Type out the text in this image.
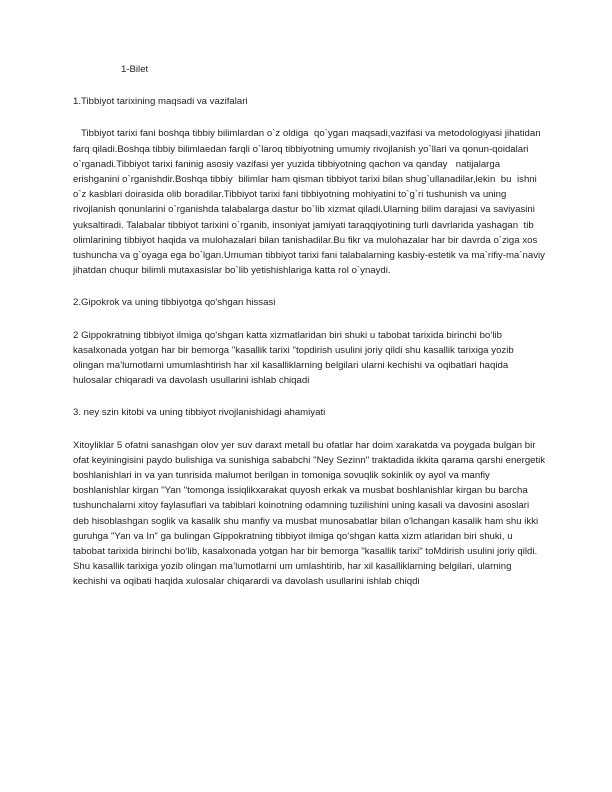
1-Bilet

1.Tibbiyot tarixining maqsadi va vazifalari

Tibbiyot tarixi fani boshqa tibbiy bilimlardan o`z oldiga  qo`ygan maqsadi,vazifasi va metodologiyasi jihatidan farq qiladi.Boshqa tibbiy bilimlaedan farqli o`laroq tibbiyotning umumiy rivojlanish yo`llari va qonun-qoidalari o`rganadi.Tibbiyot tarixi faninig asosiy vazifasi yer yuzida tibbiyotning qachon va qanday   natijalarga erishganini o`rganishdir.Boshqa tibbiy  bilimlar ham qisman tibbiyot tarixi bilan shug`ullanadilar,lekin  bu  ishni o`z kasblari doirasida olib boradilar.Tibbiyot tarixi fani tibbiyotning mohiyatini to`g`ri tushunish va uning rivojlanish qonunlarini o`rganishda talabalarga dastur bo`lib xizmat qiladi.Ularning bilim darajasi va saviyasini yuksaltiradi. Talabalar tibbiyot tarixini o`rganib, insoniyat jamiyati taraqqiyotining turli davrlarida yashagan  tib olimlarining tibbiyot haqida va mulohazalari bilan tanishadilar.Bu fikr va mulohazalar har bir davrda o`ziga xos tushuncha va g`oyaga ega bo`lgan.Umuman tibbiyot tarixi fani talabalarning kasbiy-estetik va ma`rifiy-ma`naviy  jihatdan chuqur bilimli mutaxasislar bo`lib yetishishlariga katta rol o`ynaydi.

2.Gipokrok va uning tibbiyotga qo'shgan hissasi

2 Gippokratning tibbiyot ilmiga qo‘shgan katta xizmatlaridan biri shuki u tabobat tarixida birinchi bo‘lib kasalxonada yotgan har bir bemorga "kasallik tarixi "topdirish usulini joriy qildi shu kasallik tarixiga yozib olingan ma’lumotlarni umumlashtirish har xil kasalliklarning belgilari ularni kechishi va oqibatlari haqida hulosalar chiqaradi va davolash usullarini ishlab chiqadi

3. ney szin kitobi va uning tibbiyot rivojlanishidagi ahamiyati

Xitoyliklar 5 ofatni sanashgan olov yer suv daraxt metall bu ofatlar har doim xarakatda va poygada bulgan bir ofat keyiningisini paydo bulishiga va sunishiga sababchi "Ney Sezinn" traktadida ikkita qarama qarshi energetik boshlanishlari in va yan tunrisida malumot berilgan in tomoniga sovuqlik sokinlik oy ayol va manfiy boshlanishlar kirgan "Yan "tomonga issiqlikxarakat quyosh erkak va musbat boshlanishlar kirgan bu barcha tushunchalarni xitoy faylasuflari va tabiblari koinotning odamning tuzilishini uning kasali va davosini asoslari deb hisoblashgan soglik va kasalik shu manfiy va musbat munosabatlar bilan o'lchangan kasalik ham shu ikki guruhga "Yan va In" ga bulingan Gippokratning tibbiyot ilmiga qo‘shgan katta xizm atlaridan biri shuki, u tabobat tarixida birinchi bo‘lib, kasalxonada yotgan har bir bemorga "kasallik tarixi" toMdirish usulini joriy qildi. Shu kasallik tarixiga yozib olingan ma’lumotlarni um umlashtirib, har xil kasalliklarning belgilari, ularning kechishi va oqibati haqida xulosalar chiqarardi va davolash usullarini ishlab chiqdi
